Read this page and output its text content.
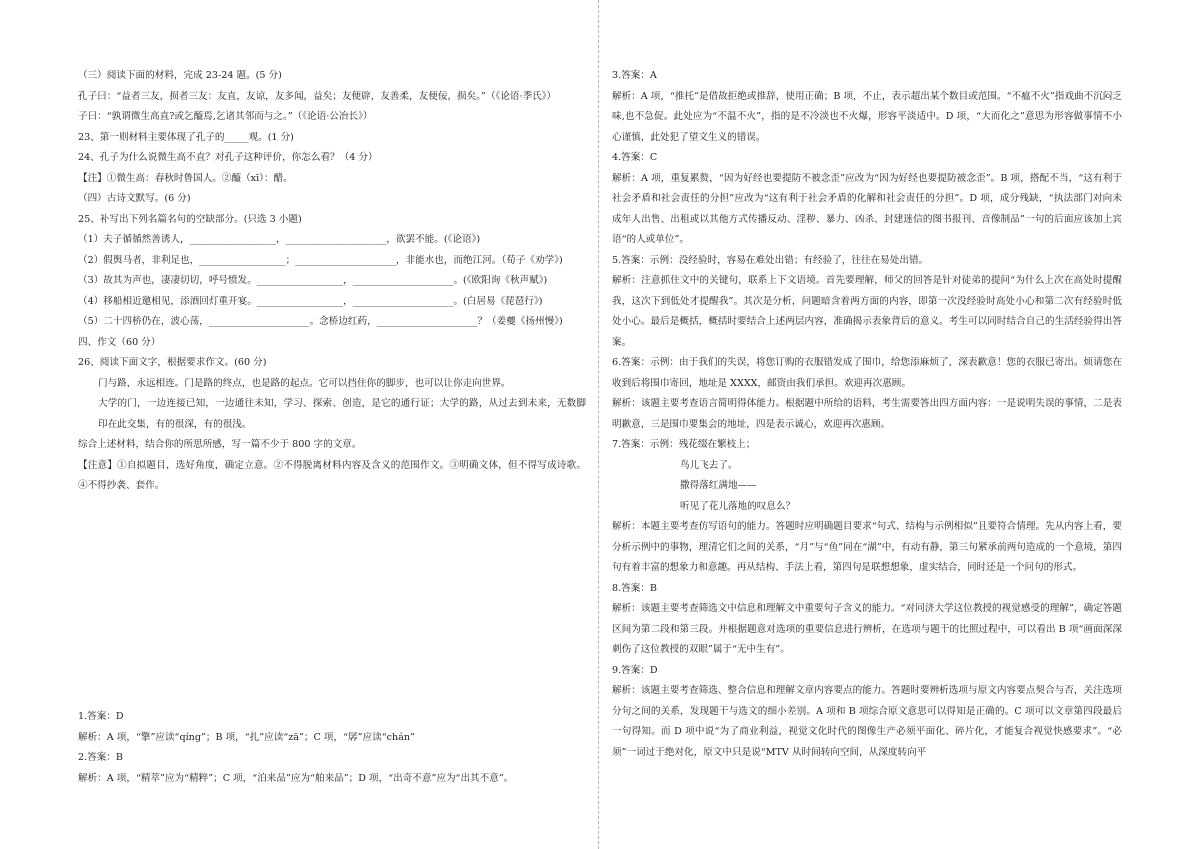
（三）阅读下面的材料，完成 23-24 题。(5 分)
孔子曰：“益者三友，损者三友：友直，友谅，友多闻，益矣；友便辟，友善柔，友便佞，损矣。”（《论语·季氏》）
子曰：“孰谓微生高直?或乞醯焉,乞诸其邻而与之。”（《论语·公冶长》）
23、第一则材料主要体现了孔子的_____观。(1 分)
24、孔子为什么说微生高不直？对孔子这种评价，你怎么看？（4 分）
【注】①微生高：春秋时鲁国人。②醯（xī）：醋。
（四）古诗文默写。(6 分)
25、补写出下列名篇名句的空缺部分。(只选 3 小题)
（1）夫子循循然善诱人，__________________，_____________________，欲罢不能。(《论语》)
（2）假舆马者，非利足也，__________________；_____________________，非能水也，而绝江河。（荀子《劝学》)
（3）故其为声也，凄凄切切，呼号愤发。__________________，_____________________。(《欧阳询《秋声赋》)
（4）移船相近邀相见，添酒回灯重开宴。__________________，_____________________。(白居易《琵琶行》)
（5）二十四桥仍在，波心荡，_____________________。念桥边红药，_____________________？（姜夔《扬州慢》)
四、作文（60 分）
26、阅读下面文字，根据要求作文。(60 分)
门与路，永远相连。门是路的终点，也是路的起点。它可以挡住你的脚步，也可以让你走向世界。
大学的门，一边连接已知，一边通往未知，学习、探索、创造，是它的通行证；大学的路，从过去到未来，无数脚印在此交集，有的很深，有的很浅。
综合上述材料，结合你的所思所感，写一篇不少于 800 字的文章。
【注意】①自拟题目，选好角度，确定立意。②不得脱离材料内容及含义的范围作文。③明确文体，但不得写成诗歌。④不得抄袭、套作。
1.答案：D
解析：A 项，“擎”应读“qíng”；B 项，“扎”应读“zā”；C 项，“孱”应读“chán”
2.答案：B
解析：A 项，“精萃”应为“精粹”；C 项，“泊来品”应为“舶来品”；D 项，“出奇不意”应为“出其不意”。
3.答案：A
解析：A 项，“推托”是借故拒绝或推辞，使用正确；B 项，不止，表示超出某个数目或范围。“不瘟不火”指戏曲不沉闷乏味,也不急促。此处应为“不温不火”，指的是不冷淡也不火爆，形容平淡适中。D 项，“大而化之”意思为形容做事情不小心谨慎，此处犯了望文生义的错误。
4.答案：C
解析：A 项，重复累赘，“因为好经也要提防不被念歪”应改为“因为好经也要提防被念歪”。B 项，搭配不当，“这有利于社会矛盾和社会责任的分担”应改为“这有利于社会矛盾的化解和社会责任的分担”。D 项，成分残缺，“执法部门对向未成年人出售、出租或以其他方式传播反动、淫秽、暴力、凶杀、封建迷信的图书报刊、音像制品”一句的后面应该加上宾语“的人或单位”。
5.答案：示例：没经验时，容易在难处出错；有经验了，往往在易处出错。
解析：注意抓住文中的关键句，联系上下文语境。首先要理解，师父的回答是针对徒弟的提问“为什么上次在高处时提醒我，这次下到低处才提醒我”。其次是分析，问题暗含着两方面的内容，即第一次没经验时高处小心和第二次有经验时低处小心。最后是概括，概括时要结合上述两层内容，准确揭示表象背后的意义。考生可以同时结合自己的生活经验得出答案。
6.答案：示例：由于我们的失误，将您订购的衣服错发成了围巾，给您添麻烦了，深表歉意！您的衣服已寄出。烦请您在收到后将围巾寄回，地址是 XXXX，邮资由我们承担。欢迎再次惠顾。
解析：该题主要考查语言简明得体能力。根据题中所给的语料，考生需要答出四方面内容：一是说明失误的事情，二是表明歉意，三是围巾要集会的地址，四是表示诚心，欢迎再次惠顾。
7.答案：示例：残花缀在繁枝上；
鸟儿飞去了。
撒得落红满地——
听见了花儿落地的叹息么？
解析：本题主要考查仿写语句的能力。答题时应明确题目要求“句式、结构与示例相似”且要符合情理。先从内容上看，要分析示例中的事物，理清它们之间的关系，“月”与“鱼”同在“湖”中，有动有静，第三句紧承前两句造成的一个意境，第四句有着丰富的想象力和意趣。再从结构、手法上看，第四句是联想想象，虚实结合，同时还是一个问句的形式。
8.答案：B
解析：该题主要考查筛选文中信息和理解文中重要句子含义的能力。“对同济大学这位教授的视觉感受的理解”，确定答题区间为第二段和第三段。并根据题意对选项的重要信息进行辨析，在选项与题干的比照过程中，可以看出 B 项“画面深深刺伤了这位教授的双眼”属于“无中生有”。
9.答案：D
解析：该题主要考查筛选、整合信息和理解文章内容要点的能力。答题时要辨析选项与原文内容要点契合与否，关注选项分句之间的关系，发现题干与选文的细小差别。A 项和 B 项综合原文意思可以得知是正确的。C 项可以文章第四段最后一句得知。而 D 项中说“为了商业利益，视觉文化时代的图像生产必须平面化、碎片化，才能复合视觉快感要求”。“必须”一词过于绝对化，原文中只是说“MTV 从时间转向空间，从深度转向平
